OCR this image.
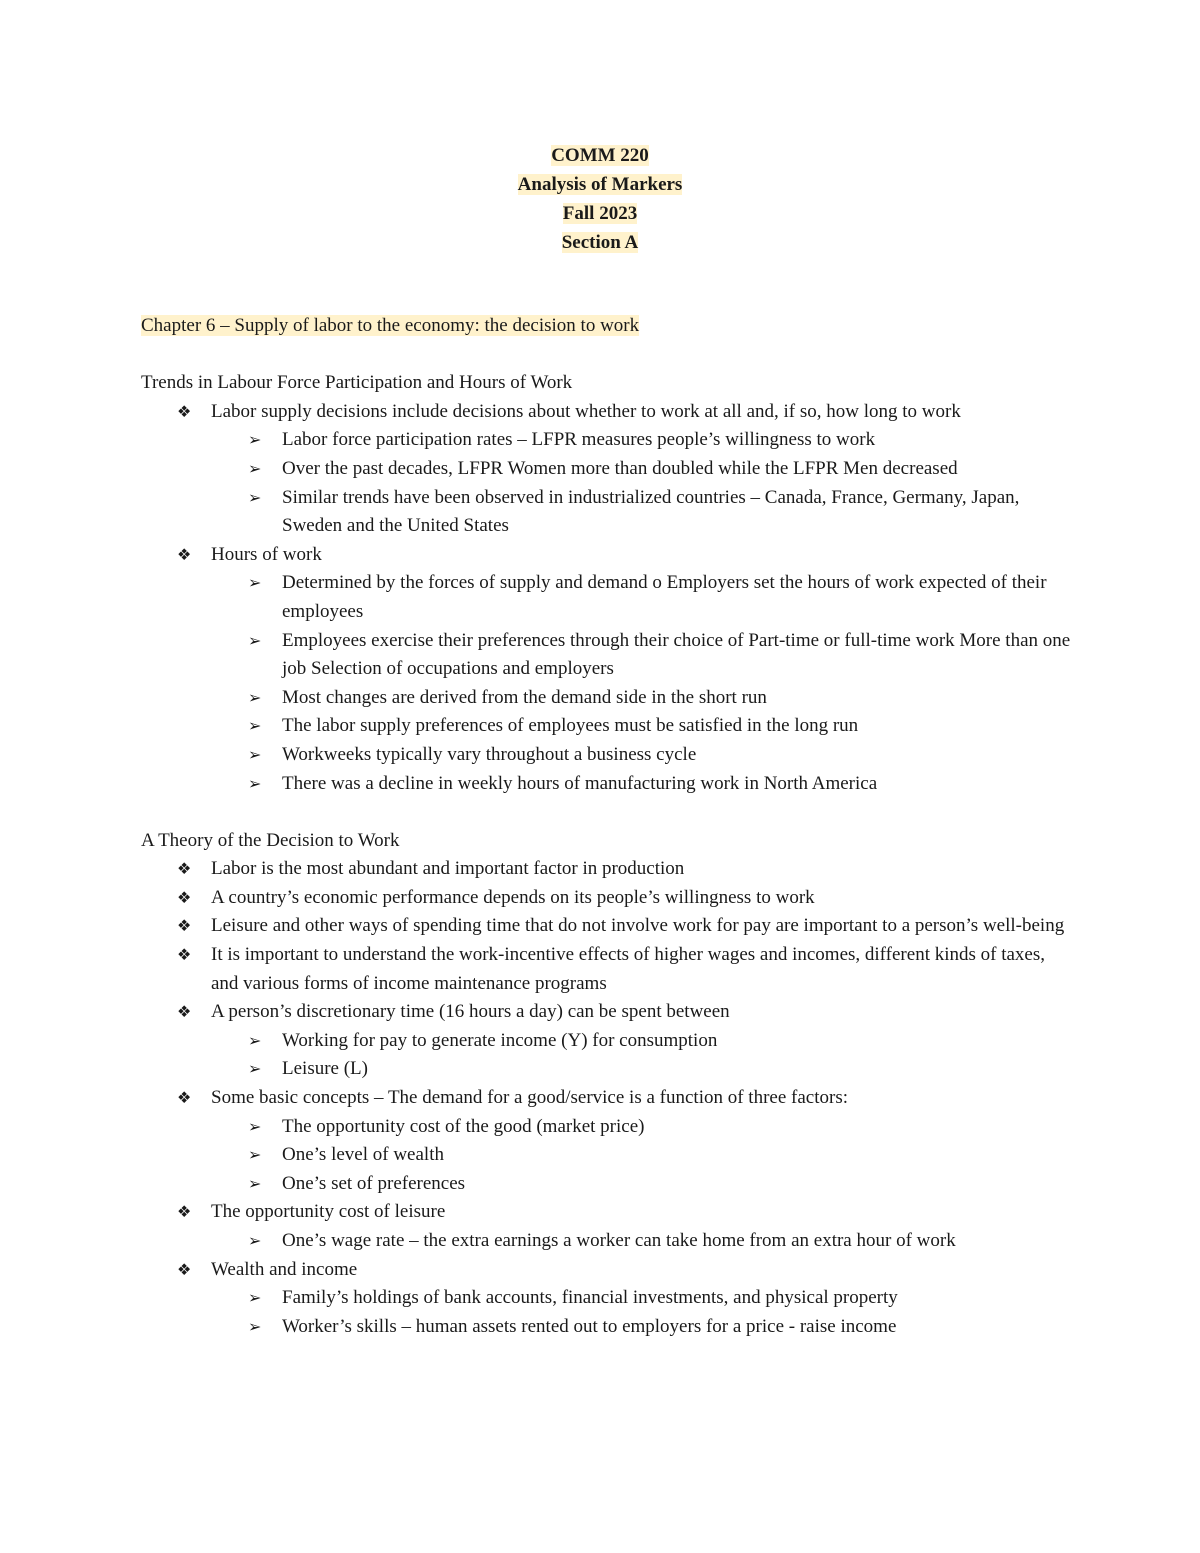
COMM 220
Analysis of Markers
Fall 2023
Section A

Chapter 6 – Supply of labor to the economy: the decision to work

Trends in Labour Force Participation and Hours of Work

❖ Labor supply decisions include decisions about whether to work at all and, if so, how long to work

➢ Labor force participation rates – LFPR measures people’s willingness to work

➢ Over the past decades, LFPR Women more than doubled while the LFPR Men decreased

➢ Similar trends have been observed in industrialized countries – Canada, France, Germany, Japan, Sweden and the United States

❖ Hours of work

➢ Determined by the forces of supply and demand o Employers set the hours of work expected of their employees

➢ Employees exercise their preferences through their choice of Part-time or full-time work More than one job Selection of occupations and employers

➢ Most changes are derived from the demand side in the short run

➢ The labor supply preferences of employees must be satisfied in the long run

➢ Workweeks typically vary throughout a business cycle

➢ There was a decline in weekly hours of manufacturing work in North America

A Theory of the Decision to Work

❖ Labor is the most abundant and important factor in production

❖ A country’s economic performance depends on its people’s willingness to work

❖ Leisure and other ways of spending time that do not involve work for pay are important to a person’s well-being

❖ It is important to understand the work-incentive effects of higher wages and incomes, different kinds of taxes, and various forms of income maintenance programs

❖ A person’s discretionary time (16 hours a day) can be spent between

➢ Working for pay to generate income (Y) for consumption

➢ Leisure (L)

❖ Some basic concepts – The demand for a good/service is a function of three factors:

➢ The opportunity cost of the good (market price)

➢ One’s level of wealth

➢ One’s set of preferences

❖ The opportunity cost of leisure

➢ One’s wage rate – the extra earnings a worker can take home from an extra hour of work

❖ Wealth and income

➢ Family’s holdings of bank accounts, financial investments, and physical property

➢ Worker’s skills – human assets rented out to employers for a price - raise income
